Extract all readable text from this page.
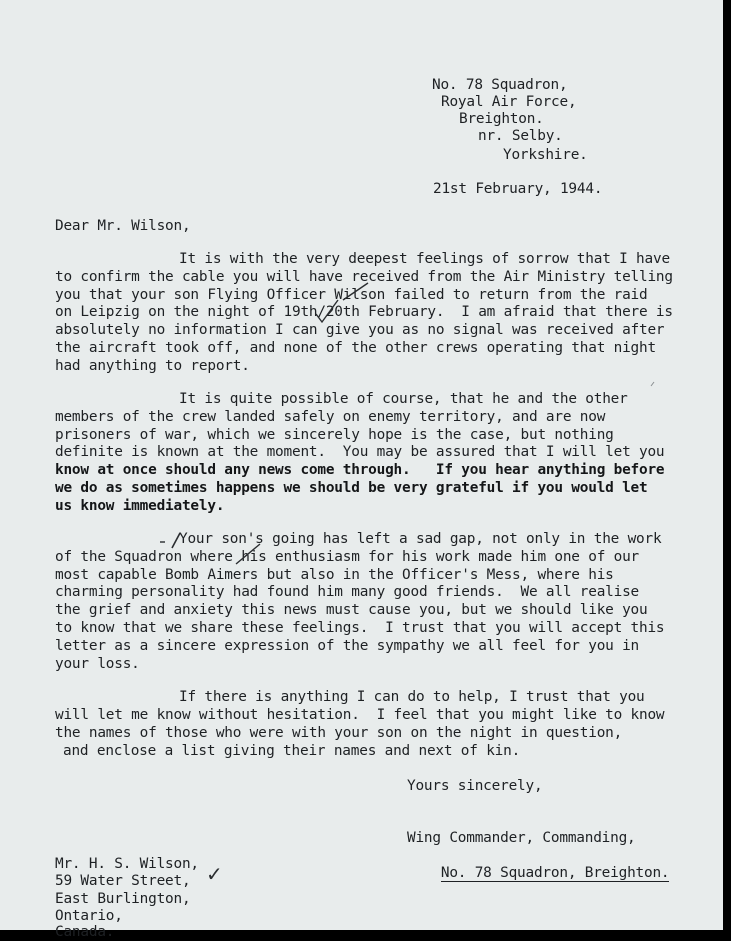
No. 78 Squadron,
Royal Air Force,
Breighton.
nr. Selby.
Yorkshire.
21st February, 1944.
Dear Mr. Wilson,
It is with the very deepest feelings of sorrow that I have
to confirm the cable you will have received from the Air Ministry telling
you that your son Flying Officer Wilson failed to return from the raid
on Leipzig on the night of 19th/20th February.  I am afraid that there is
absolutely no information I can give you as no signal was received after
the aircraft took off, and none of the other crews operating that night
had anything to report.
It is quite possible of course, that he and the other
members of the crew landed safely on enemy territory, and are now
prisoners of war, which we sincerely hope is the case, but nothing
definite is known at the moment.  You may be assured that I will let you
know at once should any news come through.   If you hear anything before
we do as sometimes happens we should be very grateful if you would let
us know immediately.
Your son's going has left a sad gap, not only in the work
of the Squadron where his enthusiasm for his work made him one of our
most capable Bomb Aimers but also in the Officer's Mess, where his
charming personality had found him many good friends.  We all realise
the grief and anxiety this news must cause you, but we should like you
to know that we share these feelings.  I trust that you will accept this
letter as a sincere expression of the sympathy we all feel for you in
your loss.
If there is anything I can do to help, I trust that you
will let me know without hesitation.  I feel that you might like to know
the names of those who were with your son on the night in question,
and enclose a list giving their names and next of kin.
Yours sincerely,
Wing Commander, Commanding,

No. 78 Squadron, Breighton.

Mr. H. S. Wilson,
59 Water Street,
East Burlington,
Ontario,
Canada.
✓
